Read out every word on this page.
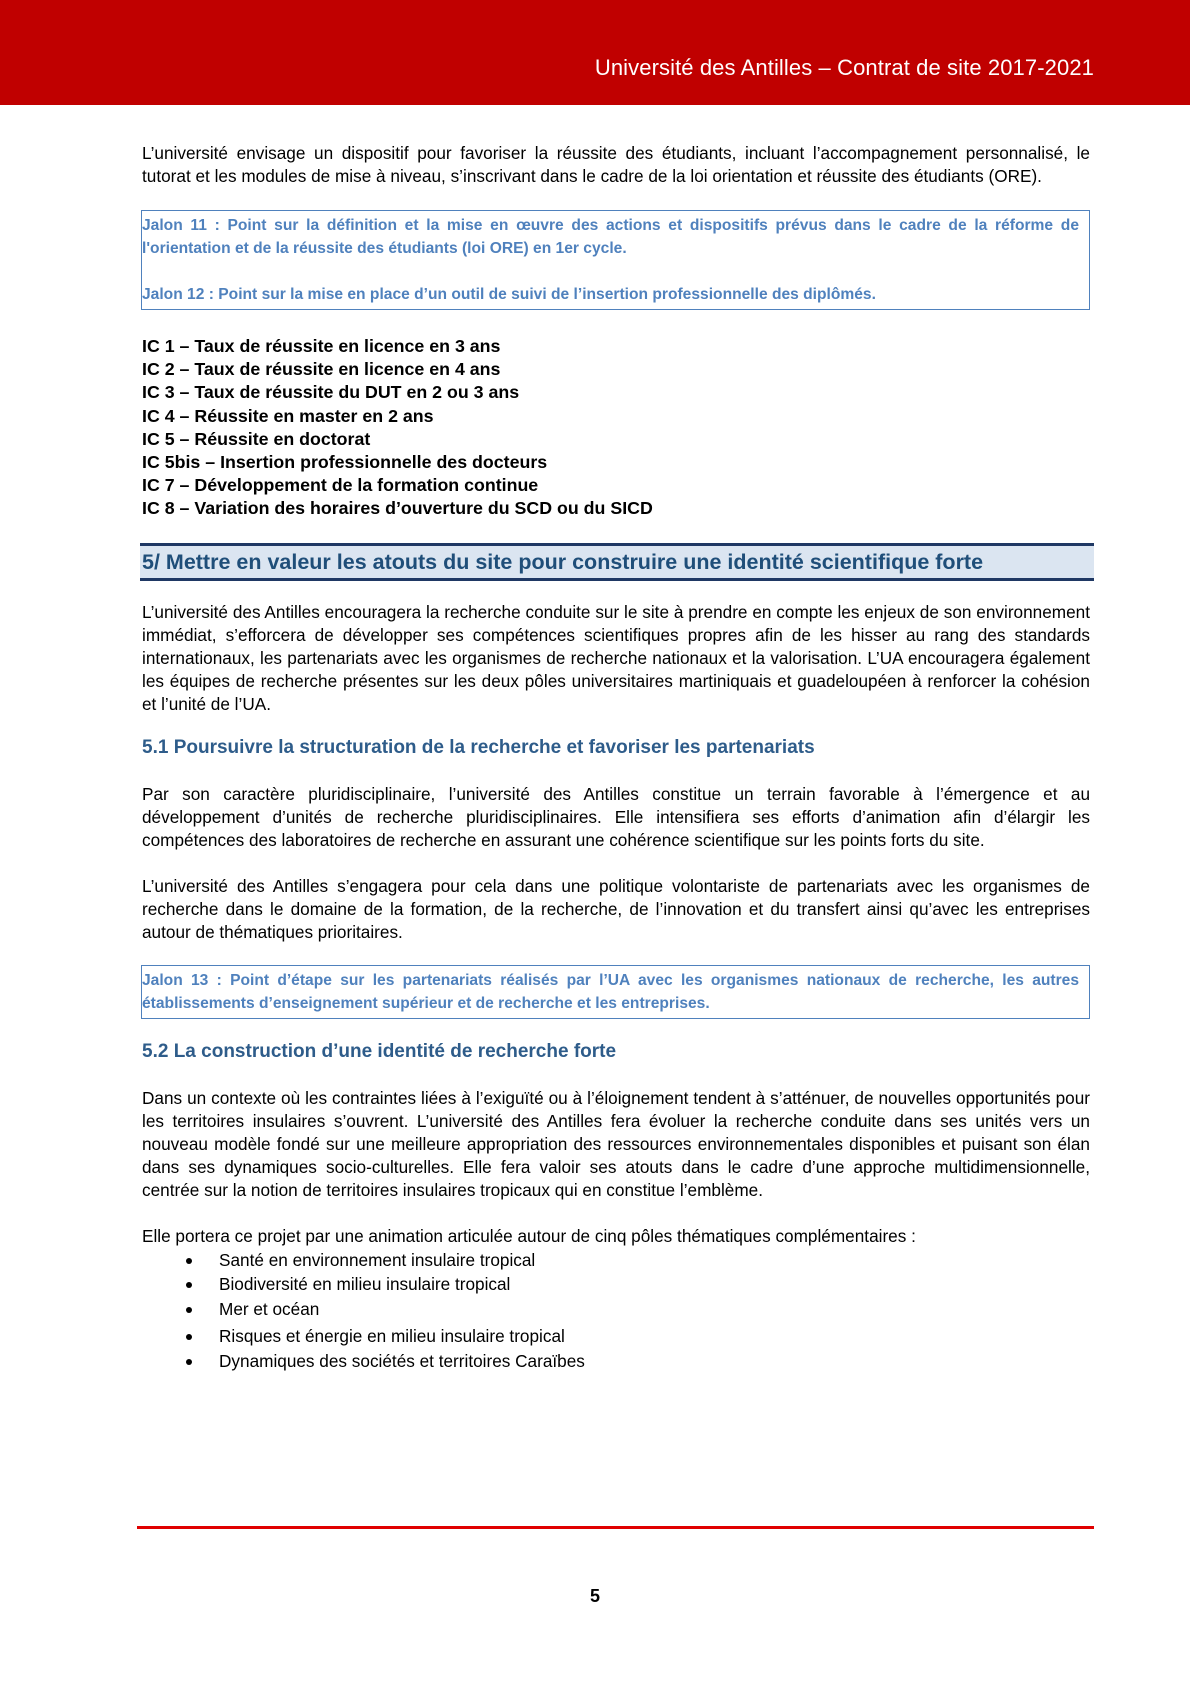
Université des Antilles – Contrat de site 2017-2021

L’université envisage un dispositif pour favoriser la réussite des étudiants, incluant l’accompagnement personnalisé, le tutorat et les modules de mise à niveau, s’inscrivant dans le cadre de la loi orientation et réussite des étudiants (ORE).

Jalon 11 : Point sur la définition et la mise en œuvre des actions et dispositifs prévus dans le cadre de la réforme de l'orientation et de la réussite des étudiants (loi ORE) en 1er cycle.

Jalon 12 : Point sur la mise en place d’un outil de suivi de l’insertion professionnelle des diplômés.

IC 1 – Taux de réussite en licence en 3 ans
IC 2 – Taux de réussite en licence en 4 ans
IC 3 – Taux de réussite du DUT en 2 ou 3 ans
IC 4 – Réussite en master en 2 ans
IC 5 – Réussite en doctorat
IC 5bis – Insertion professionnelle des docteurs
IC 7 – Développement de la formation continue
IC 8 – Variation des horaires d’ouverture du SCD ou du SICD
5/ Mettre en valeur les atouts du site pour construire une identité scientifique forte

L’université des Antilles encouragera la recherche conduite sur le site à prendre en compte les enjeux de son environnement immédiat, s’efforcera de développer ses compétences scientifiques propres afin de les hisser au rang des standards internationaux, les partenariats avec les organismes de recherche nationaux et la valorisation. L’UA encouragera également les équipes de recherche présentes sur les deux pôles universitaires martiniquais et guadeloupéen à renforcer la cohésion et l’unité de l’UA.

5.1 Poursuivre la structuration de la recherche et favoriser les partenariats

Par son caractère pluridisciplinaire, l’université des Antilles constitue un terrain favorable à l’émergence et au développement d’unités de recherche pluridisciplinaires. Elle intensifiera ses efforts d’animation afin d’élargir les compétences des laboratoires de recherche en assurant une cohérence scientifique sur les points forts du site.

L’université des Antilles s’engagera pour cela dans une politique volontariste de partenariats avec les organismes de recherche dans le domaine de la formation, de la recherche, de l’innovation et du transfert ainsi qu’avec les entreprises autour de thématiques prioritaires.

Jalon 13 : Point d’étape sur les partenariats réalisés par l’UA avec les organismes nationaux de recherche, les autres établissements d’enseignement supérieur et de recherche et les entreprises.

5.2 La construction d’une identité de recherche forte

Dans un contexte où les contraintes liées à l’exiguïté ou à l’éloignement tendent à s’atténuer, de nouvelles opportunités pour les territoires insulaires s’ouvrent. L’université des Antilles fera évoluer la recherche conduite dans ses unités vers un nouveau modèle fondé sur une meilleure appropriation des ressources environnementales disponibles et puisant son élan dans ses dynamiques socio-culturelles. Elle fera valoir ses atouts dans le cadre d’une approche multidimensionnelle, centrée sur la notion de territoires insulaires tropicaux qui en constitue l’emblème.

Elle portera ce projet par une animation articulée autour de cinq pôles thématiques complémentaires :

Santé en environnement insulaire tropical
Biodiversité en milieu insulaire tropical
Mer et océan
Risques et énergie en milieu insulaire tropical
Dynamiques des sociétés et territoires Caraïbes
5
